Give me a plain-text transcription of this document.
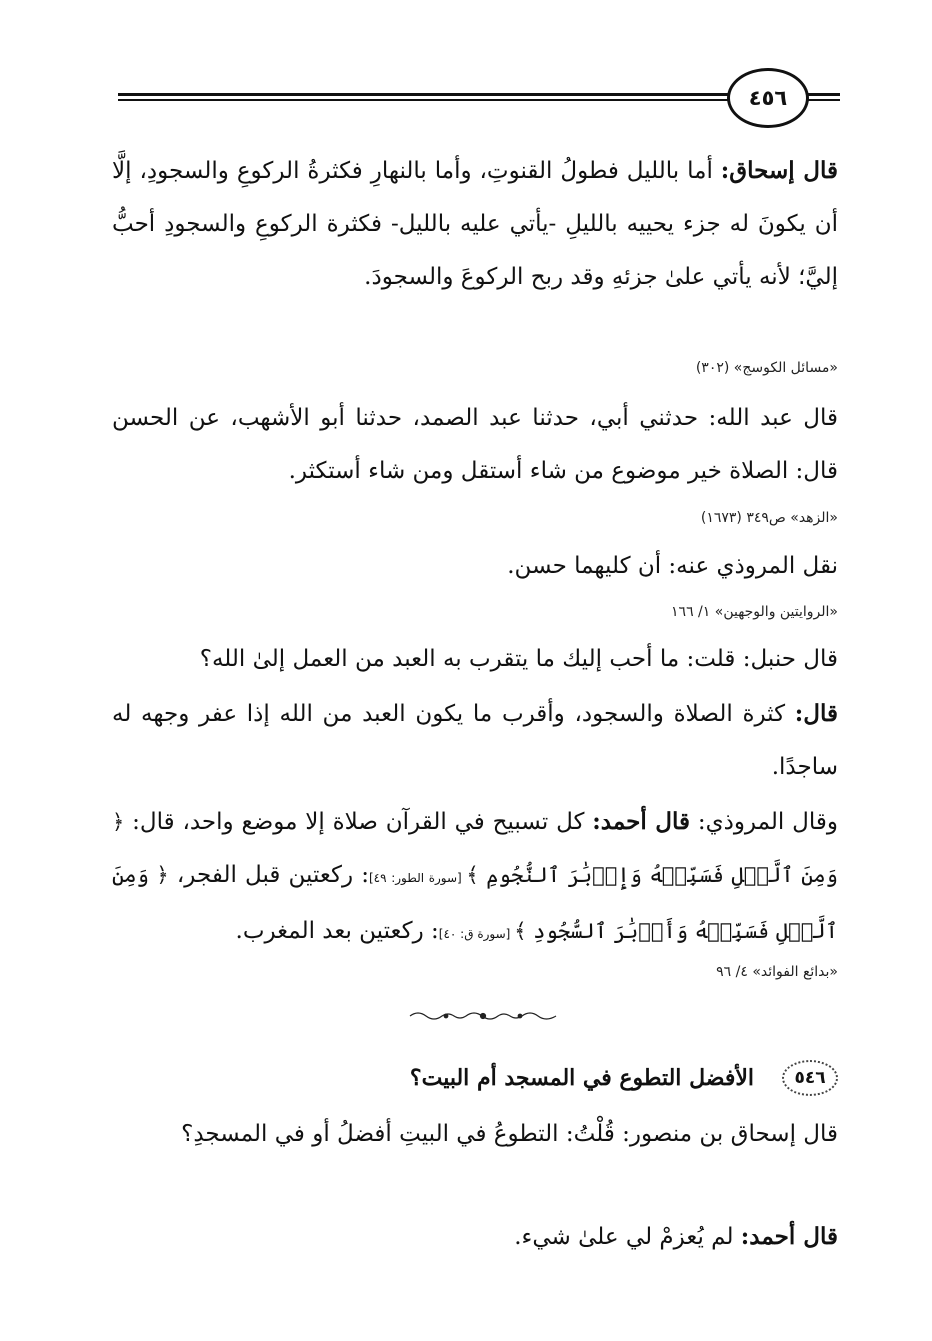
٤٥٦
قال إسحاق: أما بالليل فطولُ القنوتِ، وأما بالنهارِ فكثرةُ الركوعِ والسجودِ، إلَّا أن يكونَ له جزء يحييه بالليلِ -يأتي عليه بالليل- فكثرة الركوعِ والسجودِ أحبُّ إليَّ؛ لأنه يأتي علىٰ جزئهِ وقد ربح الركوعَ والسجودَ.
«مسائل الكوسج» (٣٠٢)
قال عبد الله: حدثني أبي، حدثنا عبد الصمد، حدثنا أبو الأشهب، عن الحسن قال: الصلاة خير موضوع من شاء أستقل ومن شاء أستكثر.
«الزهد» ص٣٤٩ (١٦٧٣)
نقل المروذي عنه: أن كليهما حسن.
«الروايتين والوجهين» ١/ ١٦٦
قال حنبل: قلت: ما أحب إليك ما يتقرب به العبد من العمل إلىٰ الله؟
قال: كثرة الصلاة والسجود، وأقرب ما يكون العبد من الله إذا عفر وجهه له ساجدًا.
وقال المروذي: قال أحمد: كل تسبيح في القرآن صلاة إلا موضع واحد، قال: ﴿ وَمِنَ ٱلَّيۡلِ فَسَبِّحۡهُ وَإِدۡبَٰرَ ٱلنُّجُومِ ﴾ [سورة الطور: ٤٩]: ركعتين قبل الفجر، ﴿ وَمِنَ ٱلَّيۡلِ فَسَبِّحۡهُ وَأَدۡبَٰرَ ٱلسُّجُودِ ﴾ [سورة ق: ٤٠]: ركعتين بعد المغرب.
«بدائع الفوائد» ٤/ ٩٦
٥٤٦
الأفضل التطوع في المسجد أم البيت؟
قال إسحاق بن منصور: قُلْتُ: التطوعُ في البيتِ أفضلُ أو في المسجدِ؟
قال أحمد: لم يُعزمْ لي علىٰ شيء.
